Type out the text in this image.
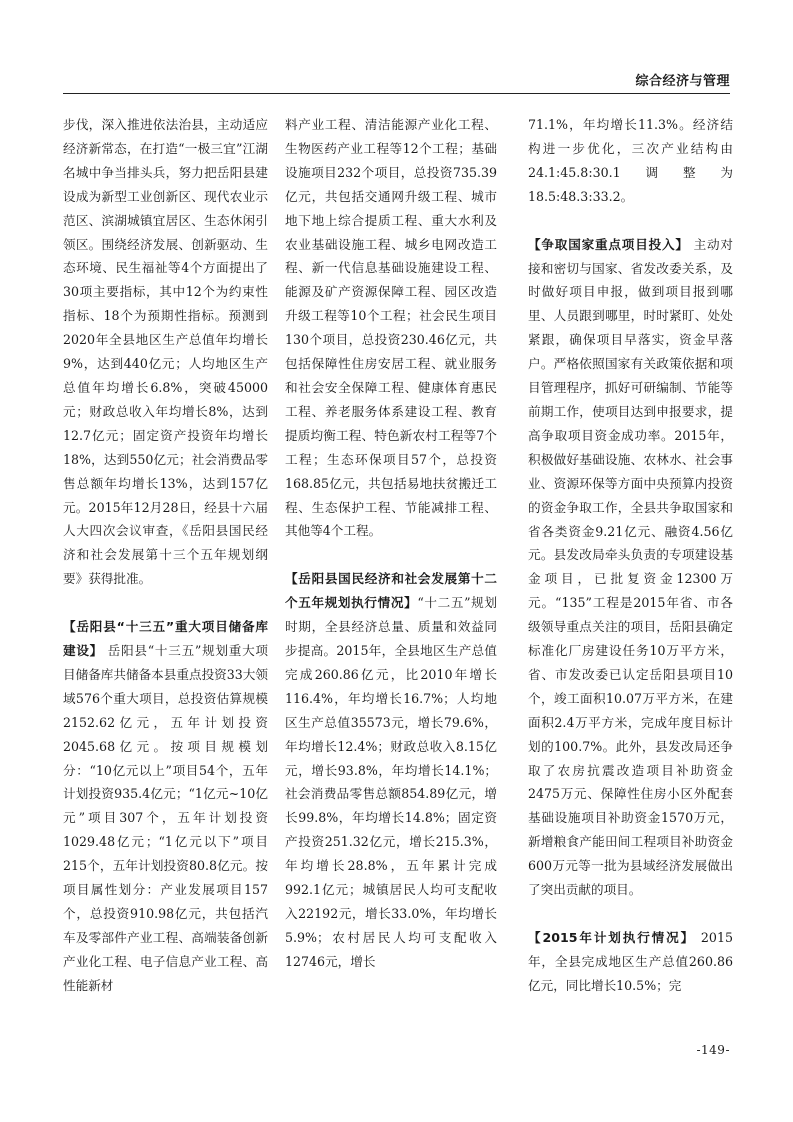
综合经济与管理

步伐，深入推进依法治县，主动适应经济新常态，在打造“一极三宜”江湖名城中争当排头兵，努力把岳阳县建设成为新型工业创新区、现代农业示范区、滨湖城镇宜居区、生态休闲引领区。围绕经济发展、创新驱动、生态环境、民生福祉等4个方面提出了30项主要指标，其中12个为约束性指标、18个为预期性指标。预测到2020年全县地区生产总值年均增长9%，达到440亿元；人均地区生产总值年均增长6.8%，突破45000元；财政总收入年均增长8%，达到12.7亿元；固定资产投资年均增长18%，达到550亿元；社会消费品零售总额年均增长13%，达到157亿元。2015年12月28日，经县十六届人大四次会议审查，《岳阳县国民经济和社会发展第十三个五年规划纲要》获得批准。

【岳阳县“十三五”重大项目储备库建设】 岳阳县“十三五”规划重大项目储备库共储备本县重点投资33大领域576个重大项目，总投资估算规模2152.62亿元，五年计划投资2045.68亿元。按项目规模划分：“10亿元以上”项目54个，五年计划投资935.4亿元；“1亿元~10亿元”项目307个，五年计划投资1029.48亿元；“1亿元以下”项目215个，五年计划投资80.8亿元。按项目属性划分：产业发展项目157个，总投资910.98亿元，共包括汽车及零部件产业工程、高端装备创新产业化工程、电子信息产业工程、高性能新材

料产业工程、清洁能源产业化工程、生物医药产业工程等12个工程；基础设施项目232个项目，总投资735.39亿元，共包括交通网升级工程、城市地下地上综合提质工程、重大水利及农业基础设施工程、城乡电网改造工程、新一代信息基础设施建设工程、能源及矿产资源保障工程、园区改造升级工程等10个工程；社会民生项目130个项目，总投资230.46亿元，共包括保障性住房安居工程、就业服务和社会安全保障工程、健康体育惠民工程、养老服务体系建设工程、教育提质均衡工程、特色新农村工程等7个工程；生态环保项目57个，总投资168.85亿元，共包括易地扶贫搬迁工程、生态保护工程、节能减排工程、其他等4个工程。

【岳阳县国民经济和社会发展第十二个五年规划执行情况】“十二五”规划时期，全县经济总量、质量和效益同步提高。2015年，全县地区生产总值完成260.86亿元，比2010年增长116.4%，年均增长16.7%；人均地区生产总值35573元，增长79.6%，年均增长12.4%；财政总收入8.15亿元，增长93.8%，年均增长14.1%；社会消费品零售总额854.89亿元，增长99.8%，年均增长14.8%；固定资产投资251.32亿元，增长215.3%，年均增长28.8%，五年累计完成992.1亿元；城镇居民人均可支配收入22192元，增长33.0%，年均增长5.9%；农村居民人均可支配收入12746元，增长

71.1%，年均增长11.3%。经济结构进一步优化，三次产业结构由24.1:45.8:30.1调整为18.5:48.3:33.2。

【争取国家重点项目投入】 主动对接和密切与国家、省发改委关系，及时做好项目申报，做到项目报到哪里、人员跟到哪里，时时紧盯、处处紧跟，确保项目早落实，资金早落户。严格依照国家有关政策依据和项目管理程序，抓好可研编制、节能等前期工作，使项目达到申报要求，提高争取项目资金成功率。2015年，积极做好基础设施、农林水、社会事业、资源环保等方面中央预算内投资的资金争取工作，全县共争取国家和省各类资金9.21亿元、融资4.56亿元。县发改局牵头负责的专项建设基金项目，已批复资金12300万元。“135”工程是2015年省、市各级领导重点关注的项目，岳阳县确定标准化厂房建设任务10万平方米，省、市发改委已认定岳阳县项目10个，竣工面积10.07万平方米，在建面积2.4万平方米，完成年度目标计划的100.7%。此外，县发改局还争取了农房抗震改造项目补助资金2475万元、保障性住房小区外配套基础设施项目补助资金1570万元，新增粮食产能田间工程项目补助资金600万元等一批为县域经济发展做出了突出贡献的项目。

【2015年计划执行情况】 2015年，全县完成地区生产总值260.86亿元，同比增长10.5%；完

-149-
